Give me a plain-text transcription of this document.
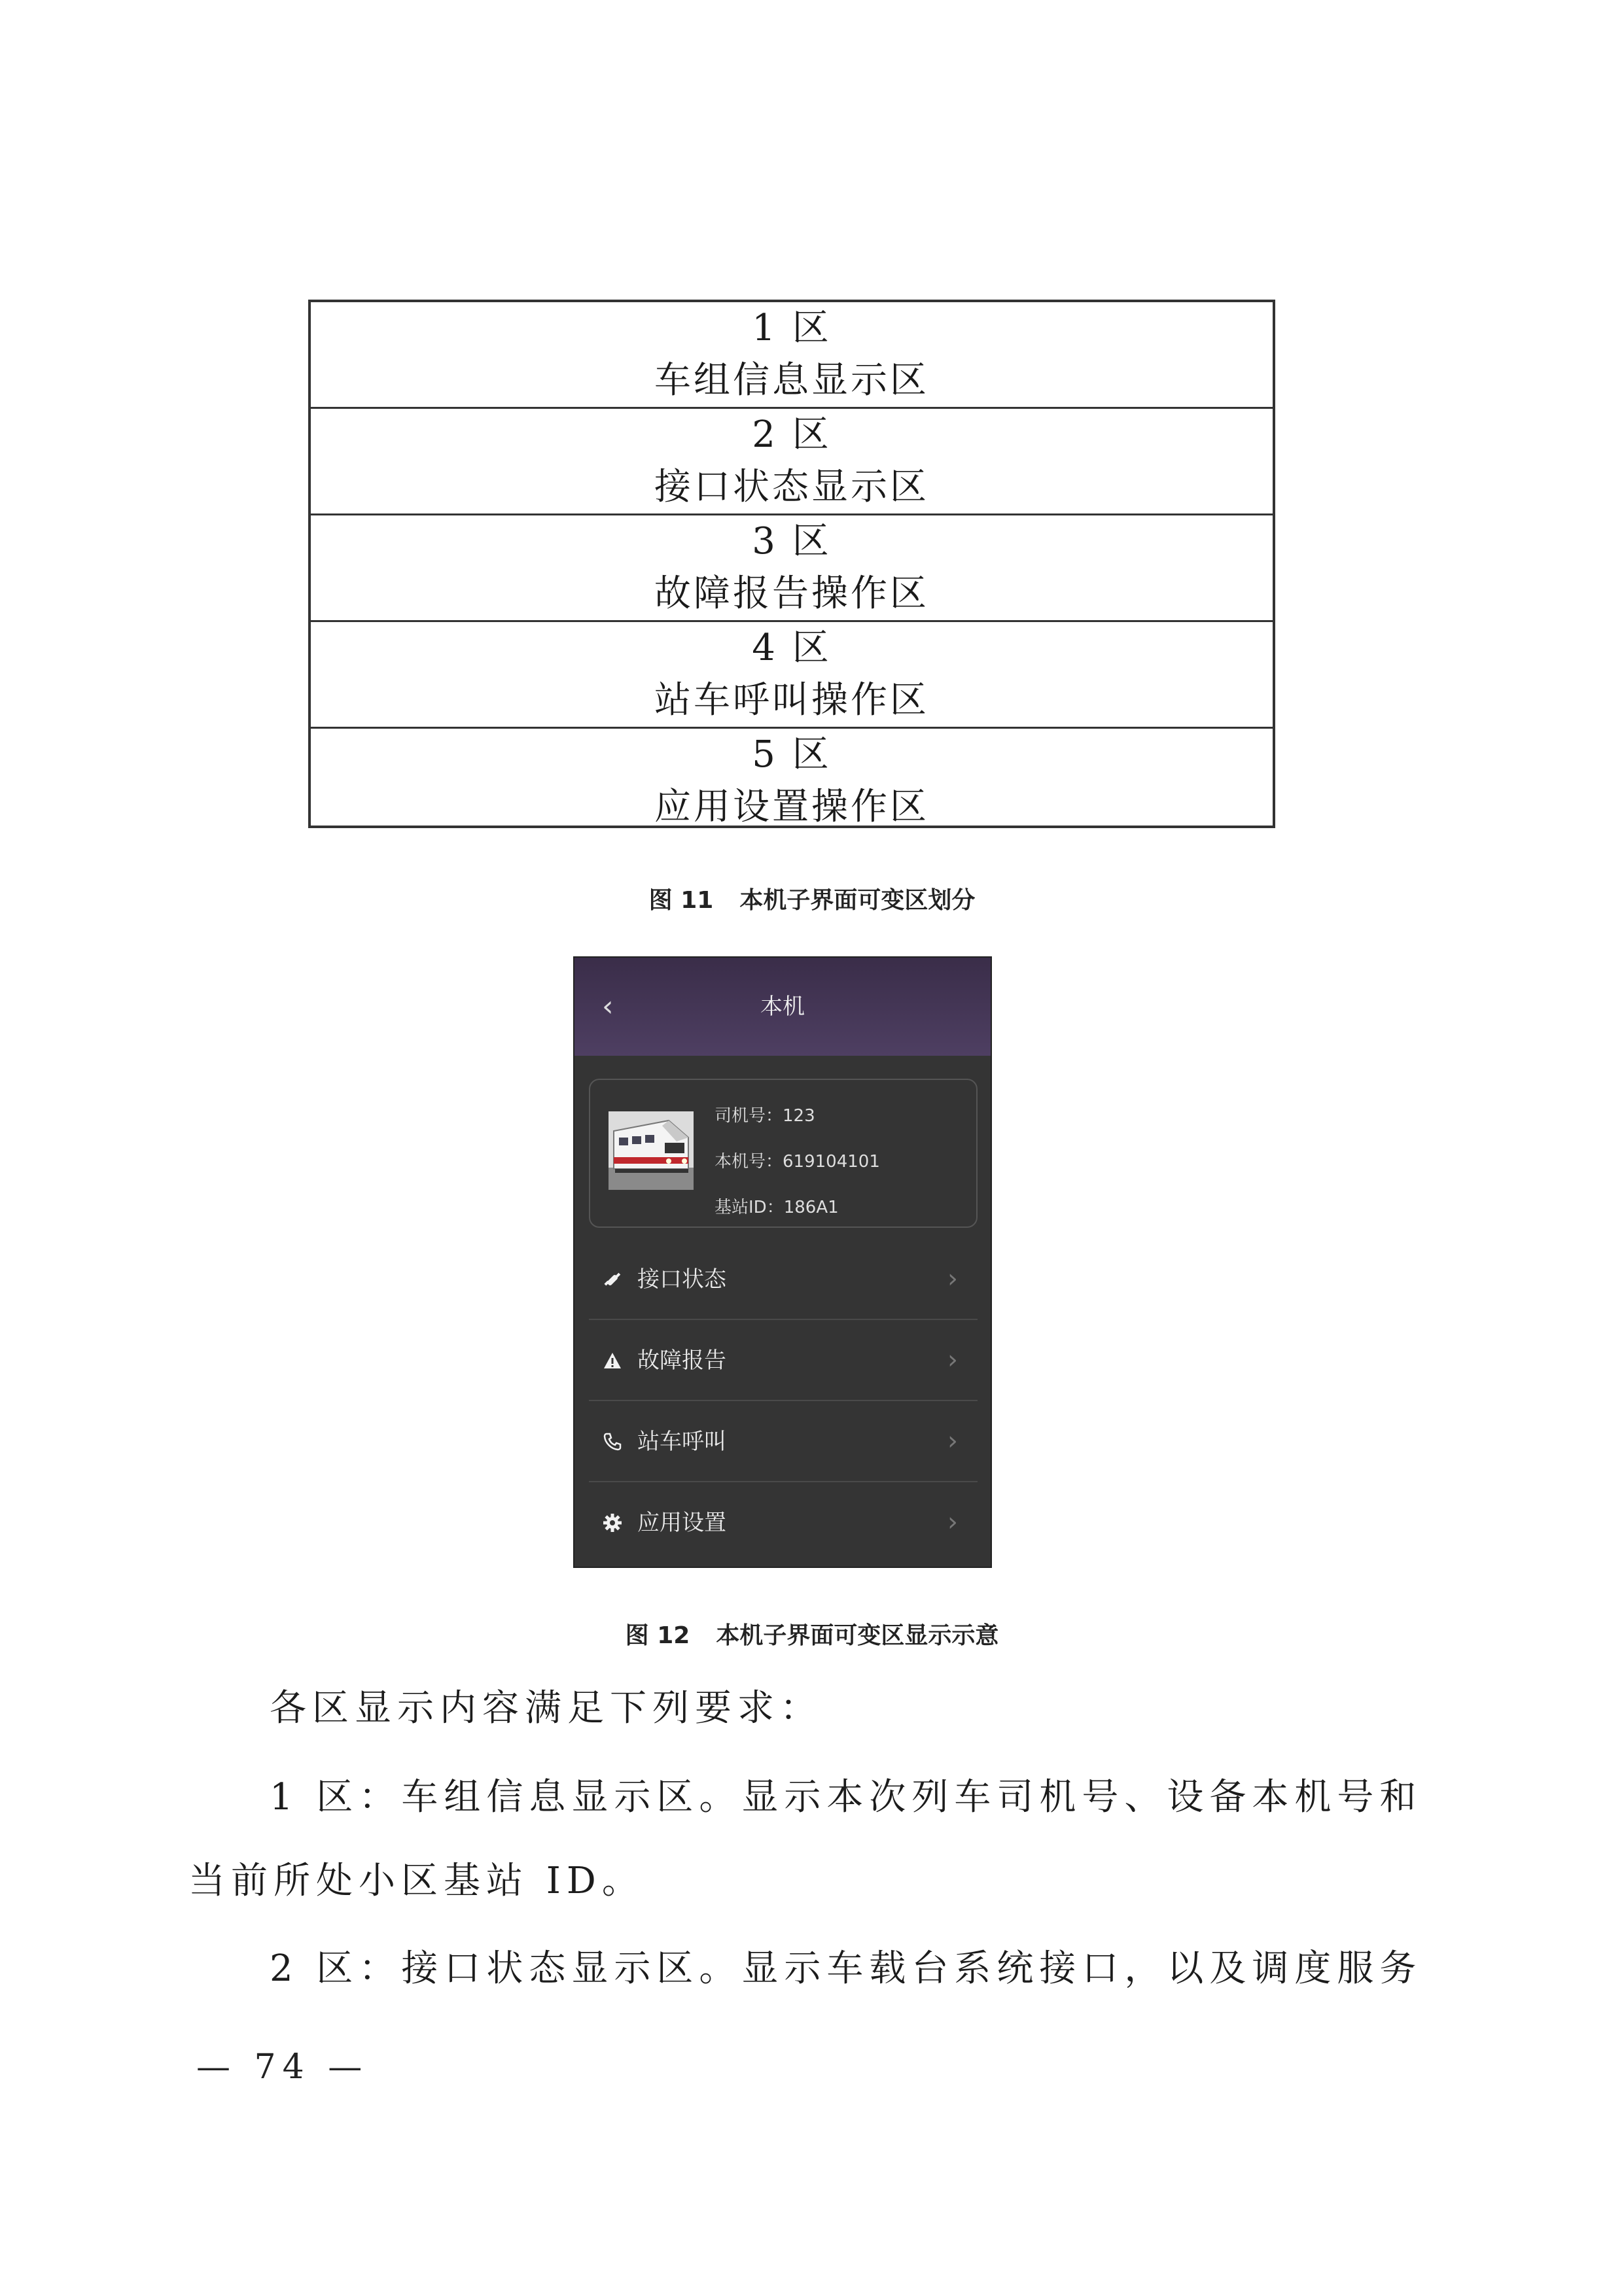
1 区
车组信息显示区
2 区
接口状态显示区
3 区
故障报告操作区
4 区
站车呼叫操作区
5 区
应用设置操作区
图 11 本机子界面可变区划分
‹	本机
司机号：123
本机号：619104101
基站ID：186A1
接口状态	›
故障报告	›
站车呼叫	›
应用设置	›
图 12 本机子界面可变区显示示意
各区显示内容满足下列要求：
1 区：车组信息显示区。显示本次列车司机号、设备本机号和
当前所处小区基站 ID。
2 区：接口状态显示区。显示车载台系统接口，以及调度服务
— 74 —
